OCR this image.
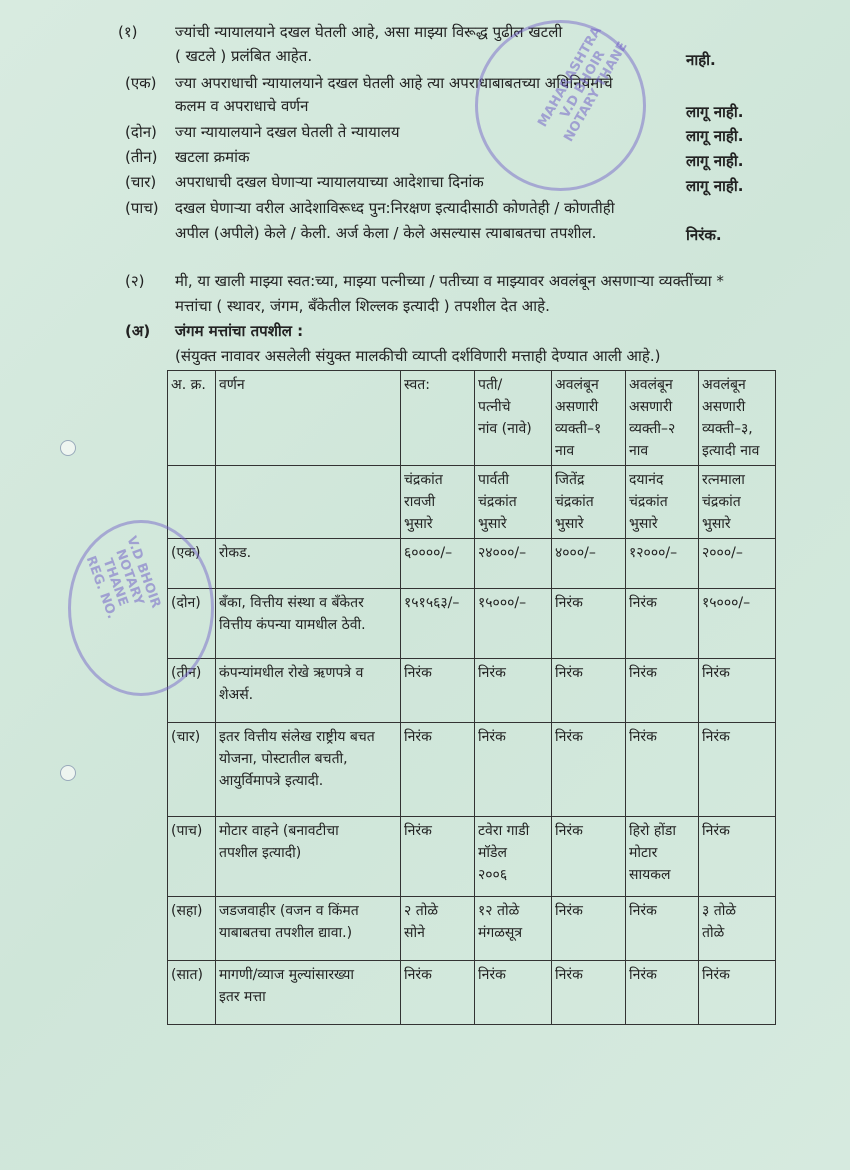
(१) ज्यांची न्यायालयाने दखल घेतली आहे, असा माझ्या विरूद्ध पुढील खटली
( खटले ) प्रलंबित आहेत.	नाही.
(एक) ज्या अपराधाची न्यायालयाने दखल घेतली आहे त्या अपराधाबाबतच्या अधिनियमाचे
कलम व अपराधाचे वर्णन	लागू नाही.
(दोन) ज्या न्यायालयाने दखल घेतली ते न्यायालय	लागू नाही.
(तीन) खटला क्रमांक	लागू नाही.
(चार) अपराधाची दखल घेणाऱ्या न्यायालयाच्या आदेशाचा दिनांक	लागू नाही.
(पाच) दखल घेणाऱ्या वरील आदेशाविरूध्द पुन:निरक्षण इत्यादीसाठी कोणतेही / कोणतीही
अपील (अपीले) केले / केली. अर्ज केला / केले असल्यास त्याबाबतचा तपशील.	निरंक.
(२) मी, या खाली माझ्या स्वत:च्या, माझ्या पत्नीच्या / पतीच्या व माझ्यावर अवलंबून असणाऱ्या व्यक्तींच्या *
मत्तांचा ( स्थावर, जंगम, बँकेतील शिल्लक इत्यादी ) तपशील देत आहे.
(अ) जंगम मत्तांचा तपशील :
(संयुक्त नावावर असलेली संयुक्त मालकीची व्याप्ती दर्शविणारी मत्ताही देण्यात आली आहे.)
अ. क्र.	वर्णन	स्वत:	पती/
पत्नीचे
नांव (नावे)	अवलंबून
असणारी
व्यक्ती–१
नाव	अवलंबून
असणारी
व्यक्ती–२
नाव	अवलंबून
असणारी
व्यक्ती–३,
इत्यादी नाव
		चंद्रकांत
रावजी
भुसारे	पार्वती
चंद्रकांत
भुसारे	जितेंद्र
चंद्रकांत
भुसारे	दयानंद
चंद्रकांत
भुसारे	रत्नमाला
चंद्रकांत
भुसारे
(एक)	रोकड.	६००००/–	२४०००/–	४०००/–	१२०००/–	२०००/–
(दोन)	बँका, वित्तीय संस्था व बँकेतर
वित्तीय कंपन्या यामधील ठेवी.	१५१५६३/–	१५०००/–	निरंक	निरंक	१५०००/–
(तीन)	कंपन्यांमधील रोखे ऋणपत्रे व
शेअर्स.	निरंक	निरंक	निरंक	निरंक	निरंक
(चार)	इतर वित्तीय संलेख राष्ट्रीय बचत
योजना, पोस्टातील बचती,
आयुर्विमापत्रे इत्यादी.	निरंक	निरंक	निरंक	निरंक	निरंक
(पाच)	मोटार वाहने (बनावटीचा
तपशील इत्यादी)	निरंक	टवेरा गाडी
मॉडेल
२००६	निरंक	हिरो होंडा
मोटार
सायकल	निरंक
(सहा)	जडजवाहीर (वजन व किंमत
याबाबतचा तपशील द्यावा.)	२ तोळे
सोने	१२ तोळे
मंगळसूत्र	निरंक	निरंक	३ तोळे
तोळे
(सात)	मागणी/व्याज मुल्यांसारख्या
इतर मत्ता	निरंक	निरंक	निरंक	निरंक	निरंक
MAHARASHTRA
V.D BHOIR
NOTARY THANE
V.D BHOIR
NOTARY
THANE
REG. NO.
